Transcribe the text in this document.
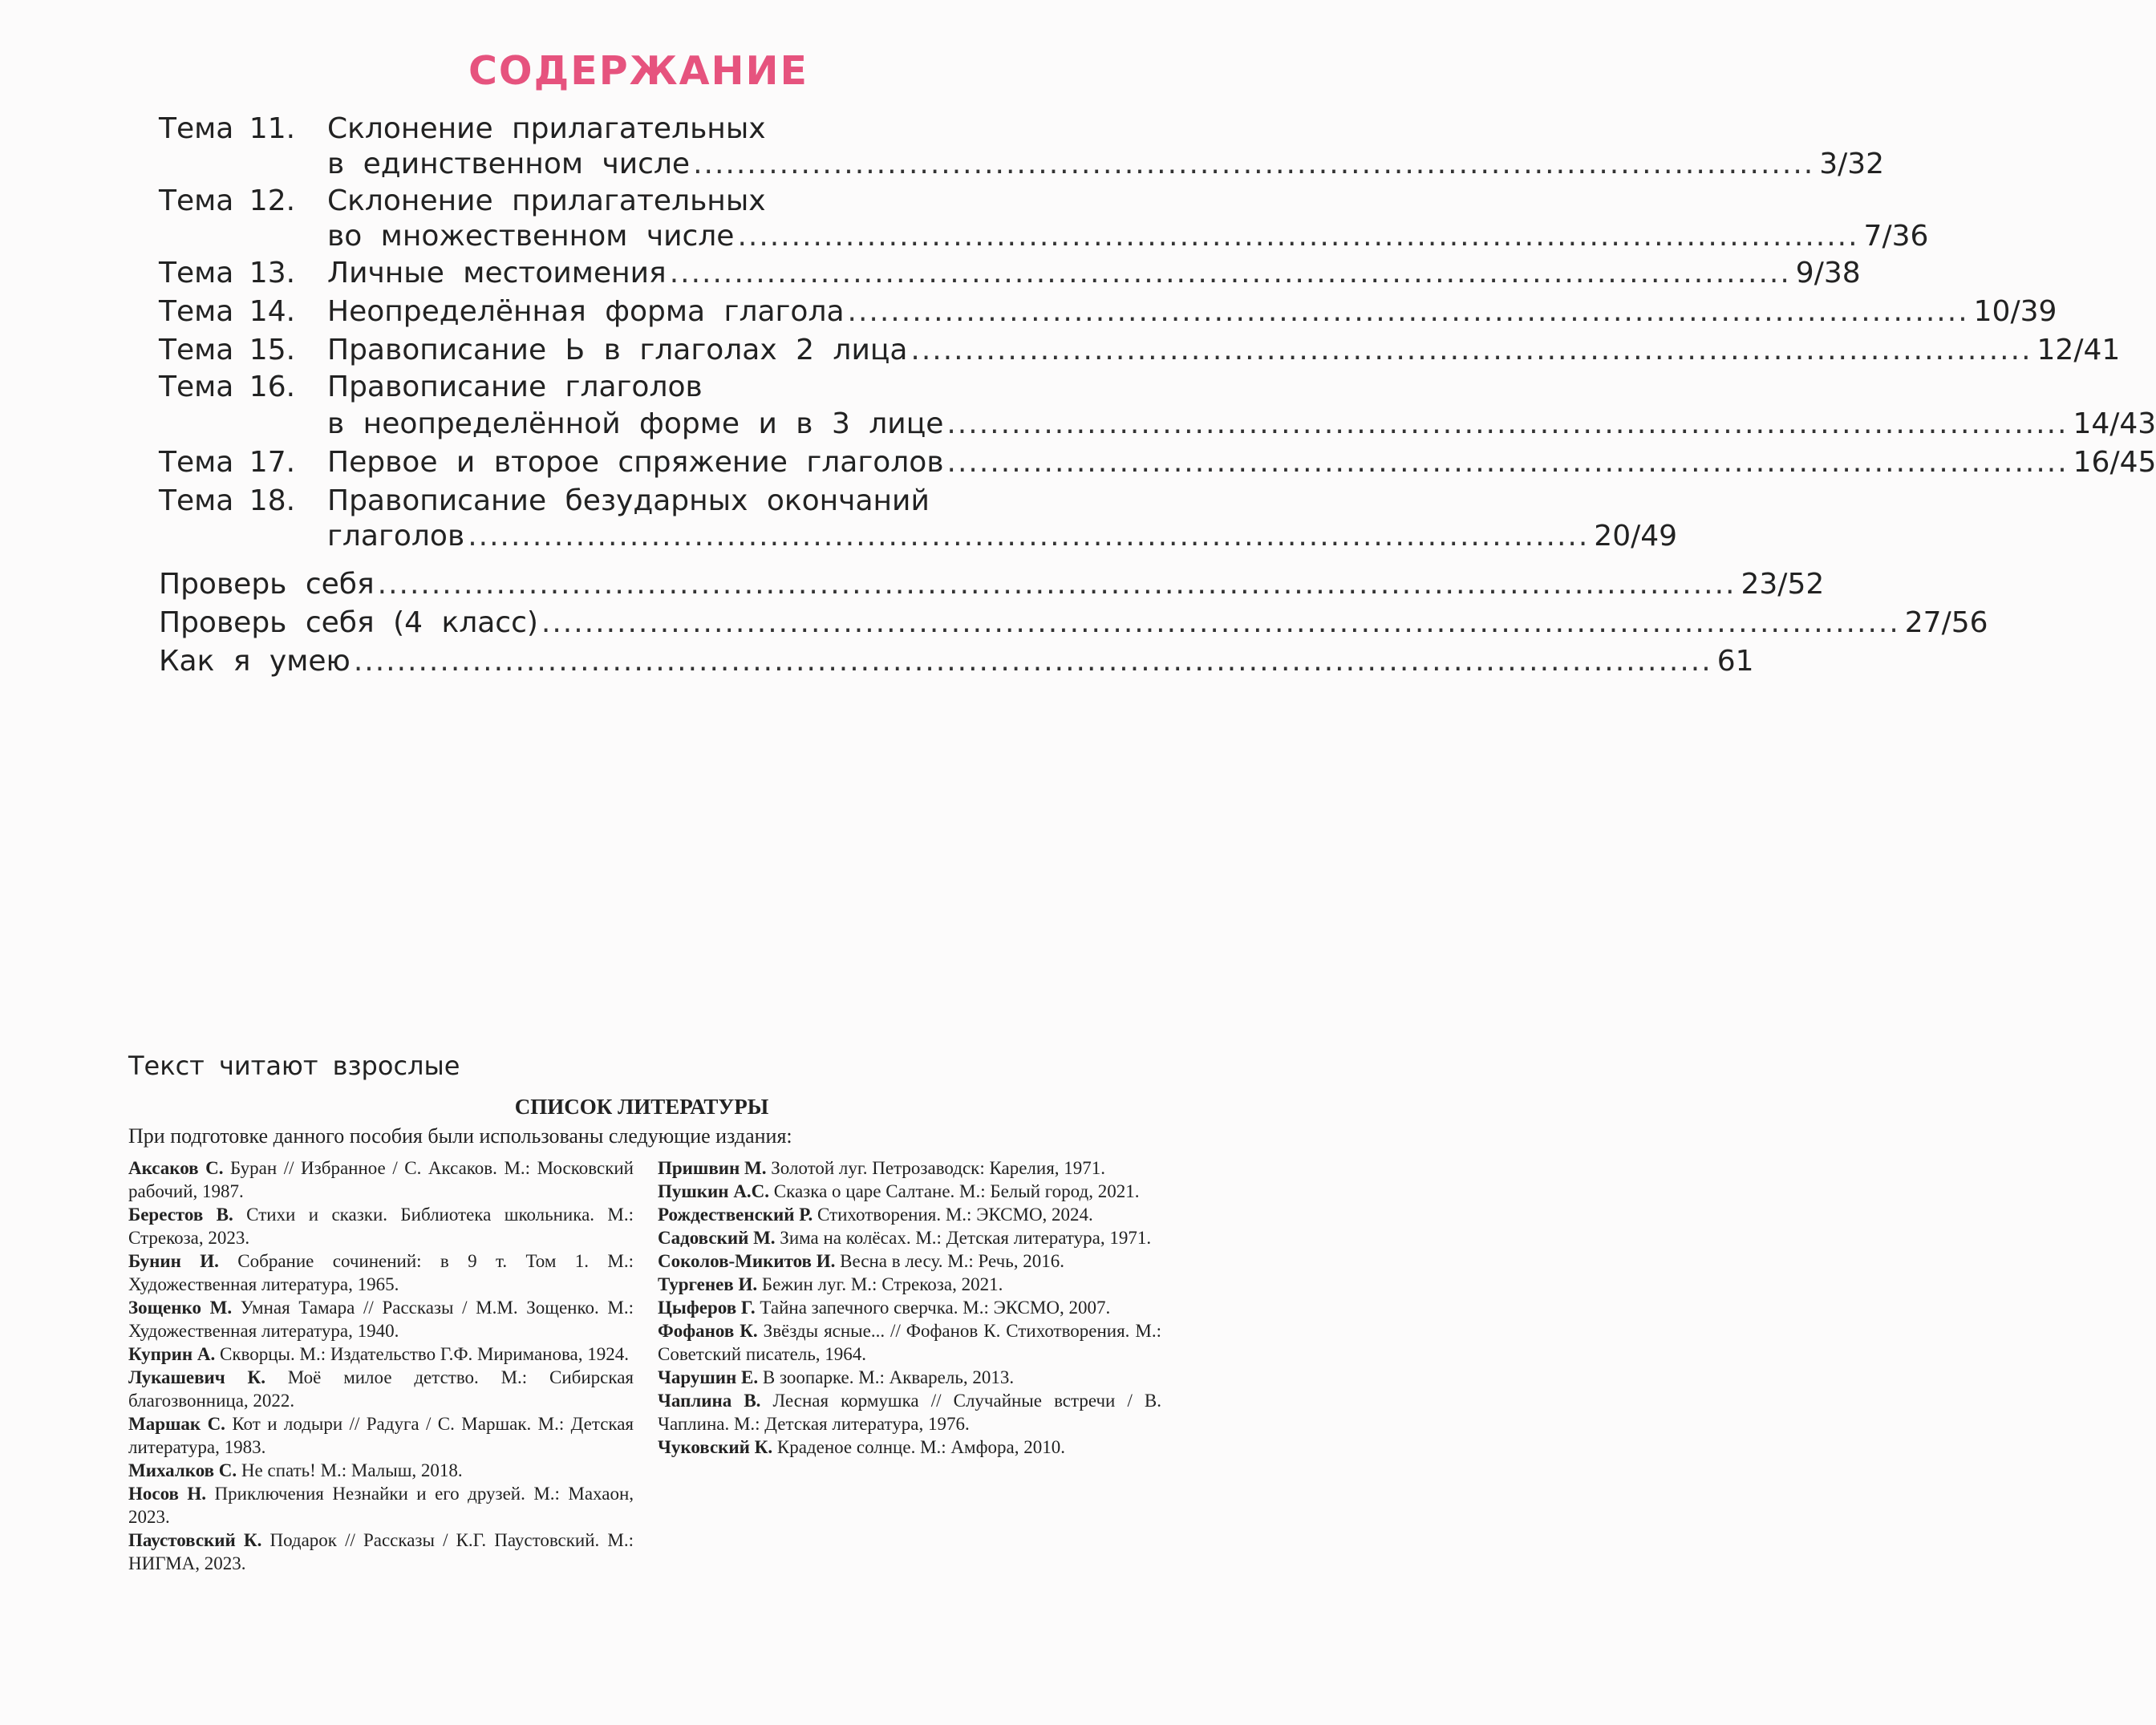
СОДЕРЖАНИЕ
Тема 11. Склонение прилагательных
в единственном числе ........................................................................................................ 3/32
Тема 12. Склонение прилагательных
во множественном числе ........................................................................................................ 7/36
Тема 13. Личные местоимения ........................................................................................................ 9/38
Тема 14. Неопределённая форма глагола ........................................................................................................ 10/39
Тема 15. Правописание Ь в глаголах 2 лица ........................................................................................................ 12/41
Тема 16. Правописание глаголов
в неопределённой форме и в 3 лице ........................................................................................................ 14/43
Тема 17. Первое и второе спряжение глаголов ........................................................................................................ 16/45
Тема 18. Правописание безударных окончаний
глаголов ........................................................................................................ 20/49
Проверь себя .............................................................................................................................. 23/52
Проверь себя (4 класс) .............................................................................................................................. 27/56
Как я умею .............................................................................................................................. 61
Текст читают взрослые
СПИСОК ЛИТЕРАТУРЫ
При подготовке данного пособия были использованы следующие издания:

Аксаков С. Буран // Избранное / С. Аксаков. М.: Московский рабочий, 1987.

Берестов В. Стихи и сказки. Библиотека школьника. М.: Стрекоза, 2023.

Бунин И. Собрание сочинений: в 9 т. Том 1. М.: Художественная литература, 1965.

Зощенко М. Умная Тамара // Рассказы / М.М. Зощенко. М.: Художественная литература, 1940.

Куприн А. Скворцы. М.: Издательство Г.Ф. Мириманова, 1924.

Лукашевич К. Моё милое детство. М.: Сибирская благозвонница, 2022.

Маршак С. Кот и лодыри // Радуга / С. Маршак. М.: Детская литература, 1983.

Михалков С. Не спать! М.: Малыш, 2018.

Носов Н. Приключения Незнайки и его друзей. М.: Махаон, 2023.

Паустовский К. Подарок // Рассказы / К.Г. Паустовский. М.: НИГМА, 2023.

Пришвин М. Золотой луг. Петрозаводск: Карелия, 1971.

Пушкин А.С. Сказка о царе Салтане. М.: Белый город, 2021.

Рождественский Р. Стихотворения. М.: ЭКСМО, 2024.

Садовский М. Зима на колёсах. М.: Детская литература, 1971.

Соколов-Микитов И. Весна в лесу. М.: Речь, 2016.

Тургенев И. Бежин луг. М.: Стрекоза, 2021.

Цыферов Г. Тайна запечного сверчка. М.: ЭКСМО, 2007.

Фофанов К. Звёзды ясные... // Фофанов К. Стихотворения. М.: Советский писатель, 1964.

Чарушин Е. В зоопарке. М.: Акварель, 2013.

Чаплина В. Лесная кормушка // Случайные встречи / В. Чаплина. М.: Детская литература, 1976.

Чуковский К. Краденое солнце. М.: Амфора, 2010.
